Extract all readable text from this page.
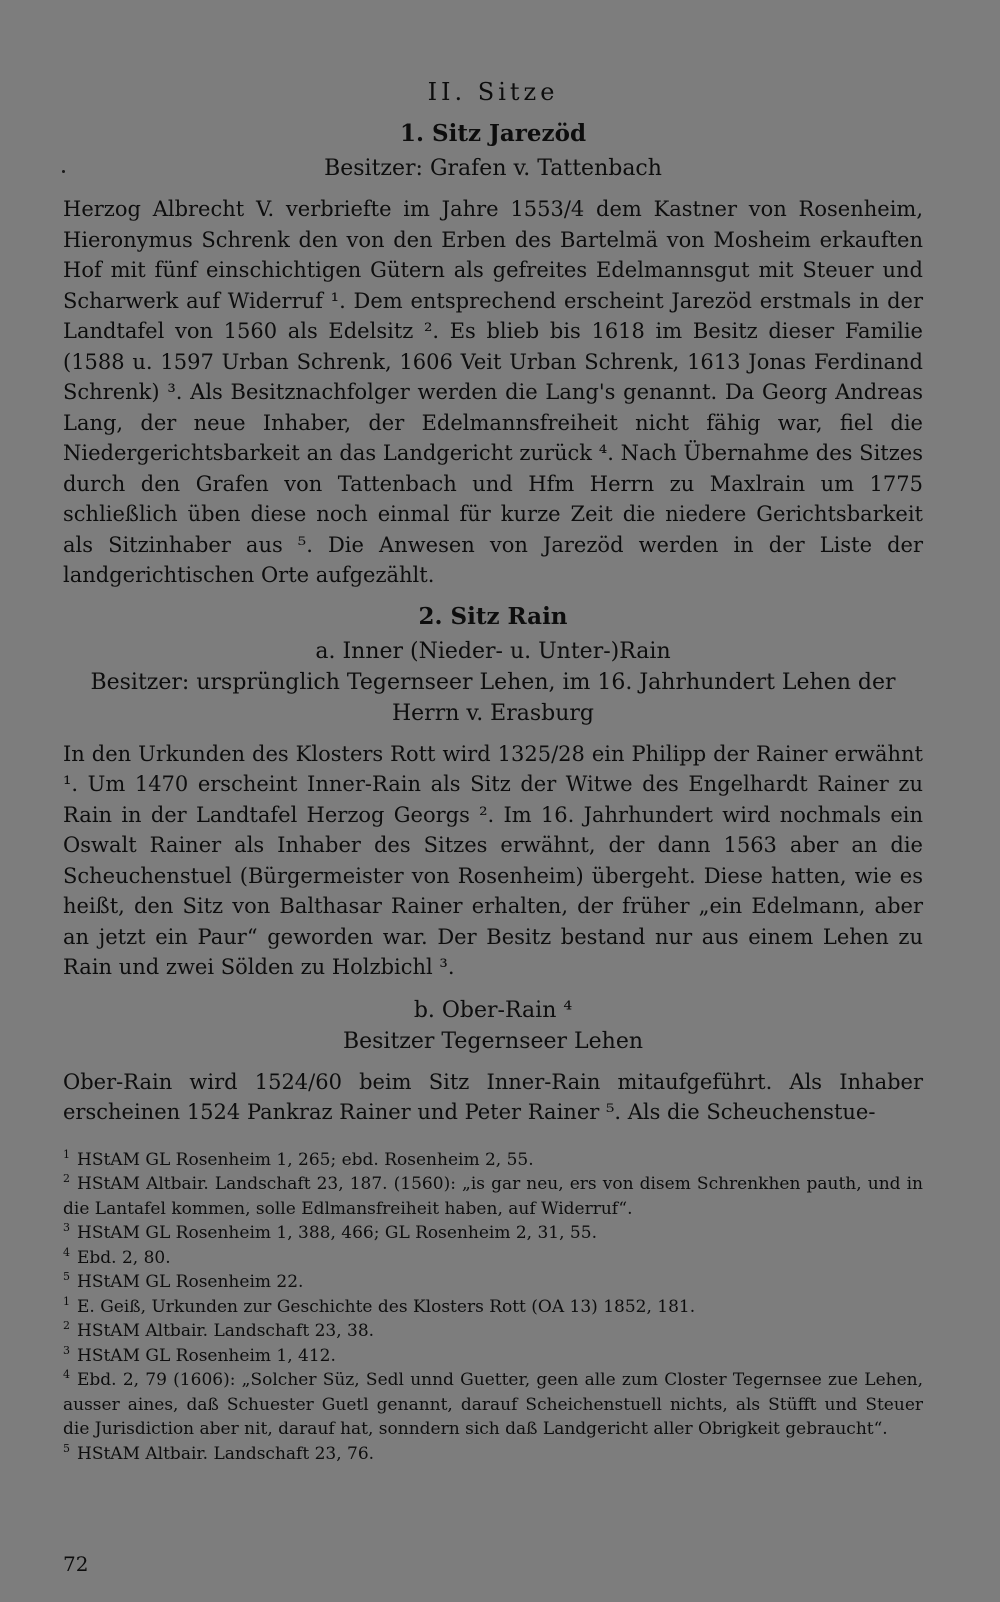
II. Sitze
1. Sitz Jarezöd

Besitzer: Grafen v. Tattenbach

Herzog Albrecht V. verbriefte im Jahre 1553/4 dem Kastner von Rosenheim, Hieronymus Schrenk den von den Erben des Bartelmä von Mosheim erkauften Hof mit fünf einschichtigen Gütern als gefreites Edelmannsgut mit Steuer und Scharwerk auf Widerruf ¹. Dem entsprechend erscheint Jarezöd erstmals in der Landtafel von 1560 als Edelsitz ². Es blieb bis 1618 im Besitz dieser Familie (1588 u. 1597 Urban Schrenk, 1606 Veit Urban Schrenk, 1613 Jonas Ferdinand Schrenk) ³. Als Besitznachfolger werden die Lang's genannt. Da Georg Andreas Lang, der neue Inhaber, der Edelmannsfreiheit nicht fähig war, fiel die Niedergerichtsbarkeit an das Landgericht zurück ⁴. Nach Übernahme des Sitzes durch den Grafen von Tattenbach und Hfm Herrn zu Maxlrain um 1775 schließlich üben diese noch einmal für kurze Zeit die niedere Gerichtsbarkeit als Sitzinhaber aus ⁵. Die Anwesen von Jarezöd werden in der Liste der landgerichtischen Orte aufgezählt.

2. Sitz Rain

a. Inner (Nieder- u. Unter-)Rain

Besitzer: ursprünglich Tegernseer Lehen, im 16. Jahrhundert Lehen der

Herrn v. Erasburg

In den Urkunden des Klosters Rott wird 1325/28 ein Philipp der Rainer erwähnt ¹. Um 1470 erscheint Inner-Rain als Sitz der Witwe des Engelhardt Rainer zu Rain in der Landtafel Herzog Georgs ². Im 16. Jahrhundert wird nochmals ein Oswalt Rainer als Inhaber des Sitzes erwähnt, der dann 1563 aber an die Scheuchenstuel (Bürgermeister von Rosenheim) übergeht. Diese hatten, wie es heißt, den Sitz von Balthasar Rainer erhalten, der früher „ein Edelmann, aber an jetzt ein Paur“ geworden war. Der Besitz bestand nur aus einem Lehen zu Rain und zwei Sölden zu Holzbichl ³.

b. Ober-Rain ⁴

Besitzer Tegernseer Lehen

Ober-Rain wird 1524/60 beim Sitz Inner-Rain mitaufgeführt. Als Inhaber erscheinen 1524 Pankraz Rainer und Peter Rainer ⁵. Als die Scheuchenstue-

$^1$ HStAM GL Rosenheim 1, 265; ebd. Rosenheim 2, 55.

$^2$ HStAM Altbair. Landschaft 23, 187. (1560): „is gar neu, ers von disem Schrenkhen pauth, und in die Lantafel kommen, solle Edlmansfreiheit haben, auf Widerruf“.

$^3$ HStAM GL Rosenheim 1, 388, 466; GL Rosenheim 2, 31, 55.

$^4$ Ebd. 2, 80.

$^5$ HStAM GL Rosenheim 22.

$^1$ E. Geiß, Urkunden zur Geschichte des Klosters Rott (OA 13) 1852, 181.

$^2$ HStAM Altbair. Landschaft 23, 38.

$^3$ HStAM GL Rosenheim 1, 412.

$^4$ Ebd. 2, 79 (1606): „Solcher Süz, Sedl unnd Guetter, geen alle zum Closter Tegernsee zue Lehen, ausser aines, daß Schuester Guetl genannt, darauf Scheichenstuell nichts, als Stüfft und Steuer die Jurisdiction aber nit, darauf hat, sonndern sich daß Landgericht aller Obrigkeit gebraucht“.

$^5$ HStAM Altbair. Landschaft 23, 76.

72
